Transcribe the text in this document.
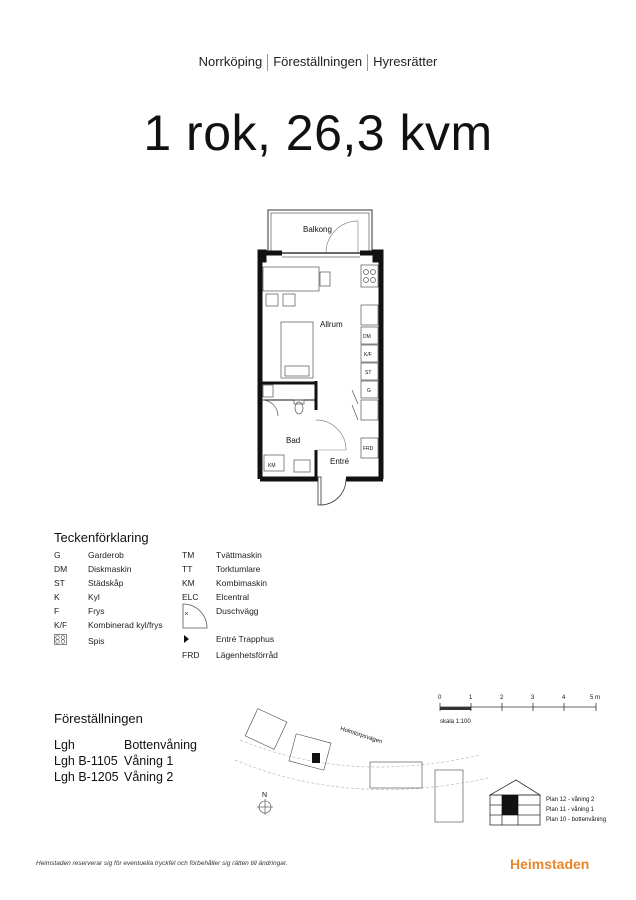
Norrköping Föreställningen Hyresrätter
1 rok, 26,3 kvm
Balkong
Allrum
Bad
Entré
DM
K/F
ST
G
FRD
KM
Teckenförklaring
G	Garderob
DM Diskmaskin
ST	Städskåp
K	Kyl
F	Frys
K/F Kombinerad kyl/frys
Spis
TM	Tvättmaskin
TT	Torktumlare
KM	Kombimaskin
ELC Elcentral
Duschvägg
Entré Trapphus
FRD Lägenhetsförråd
Föreställningen
Lgh	Bottenvåning
Lgh B-1105 Våning 1
Lgh B-1205 Våning 2
0	1	2	3	4	5 m
skala 1:100
Holmtorpsvägen
N
Plan 12 - våning 2
Plan 11 - våning 1
Plan 10 - bottenvåning
Heimstaden reserverar sig för eventuella tryckfel och förbehåller sig rätten till ändringar.	Heimstaden
